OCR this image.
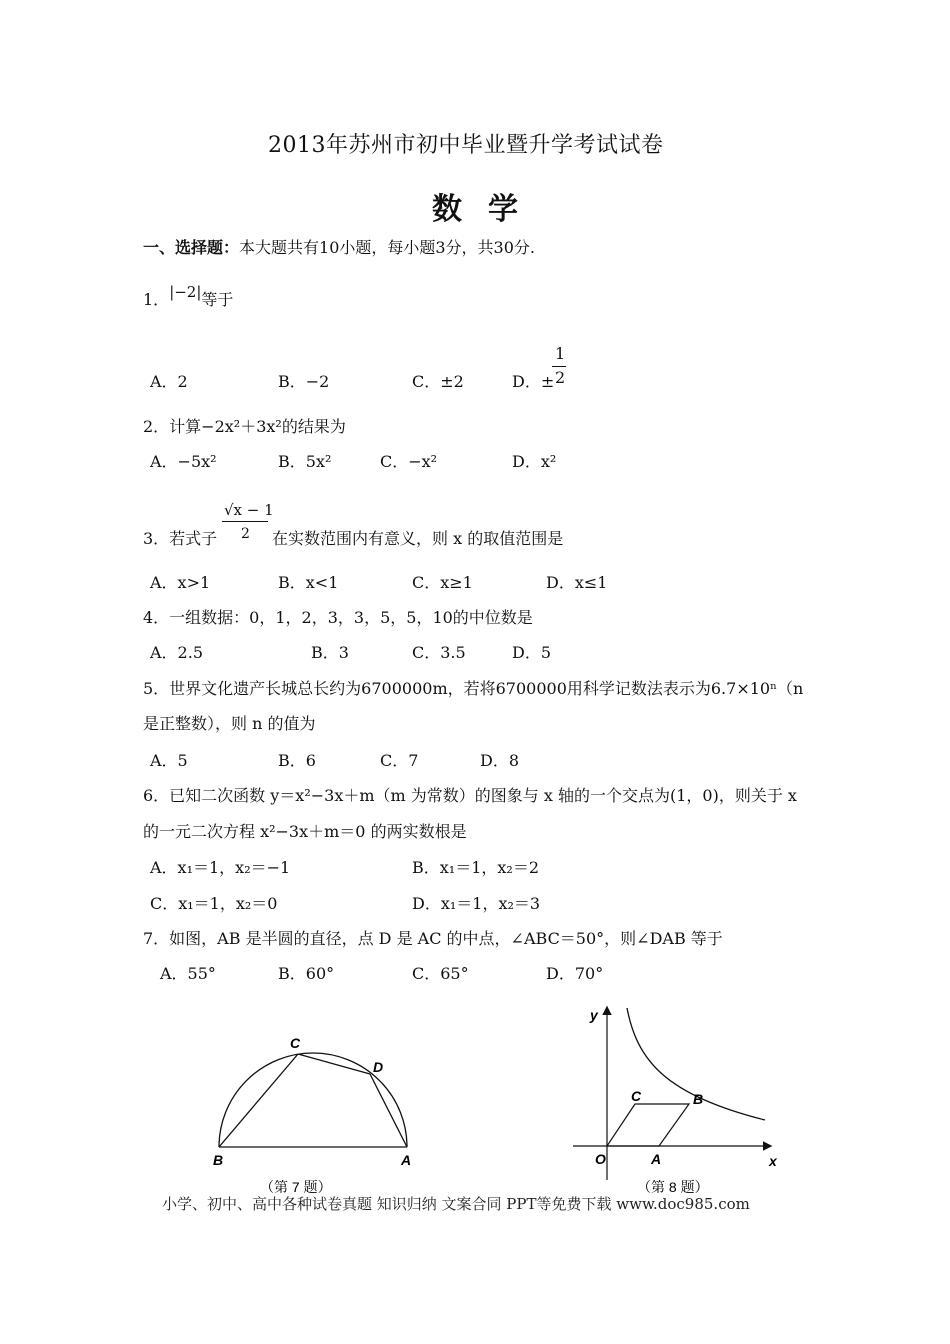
2013年苏州市初中毕业暨升学考试试卷
数学
一、选择题：本大题共有10小题，每小题3分，共30分.
1．|−2|等于
A．2	B．−2	C．±2	D．±
1
2
2．计算−2x²＋3x²的结果为
A．−5x²	B．5x²	C．−x²	D．x²
√x − 1
2
3．若式子	在实数范围内有意义，则 x 的取值范围是
A．x>1	B．x<1	C．x≥1	D．x≤1
4．一组数据：0，1，2，3，3，5，5，10的中位数是
A．2.5	B．3	C．3.5	D．5
5．世界文化遗产长城总长约为6700000m，若将6700000用科学记数法表示为6.7×10ⁿ（n
是正整数），则 n 的值为
A．5	B．6	C．7	D．8
6．已知二次函数 y＝x²−3x＋m（m 为常数）的图象与 x 轴的一个交点为(1，0)，则关于 x
的一元二次方程 x²−3x＋m＝0 的两实数根是
A．x₁＝1，x₂＝−1	B．x₁＝1，x₂＝2
C．x₁＝1，x₂＝0	D．x₁＝1，x₂＝3
7．如图，AB 是半圆的直径，点 D 是 AC 的中点，∠ABC＝50°，则∠DAB 等于
A．55°	B．60°	C．65°	D．70°
C
D
B	A
（第 7 题）
y
x
O	A
B
C
（第 8 题）
小学、初中、高中各种试卷真题 知识归纳 文案合同 PPT等免费下载 www.doc985.com
